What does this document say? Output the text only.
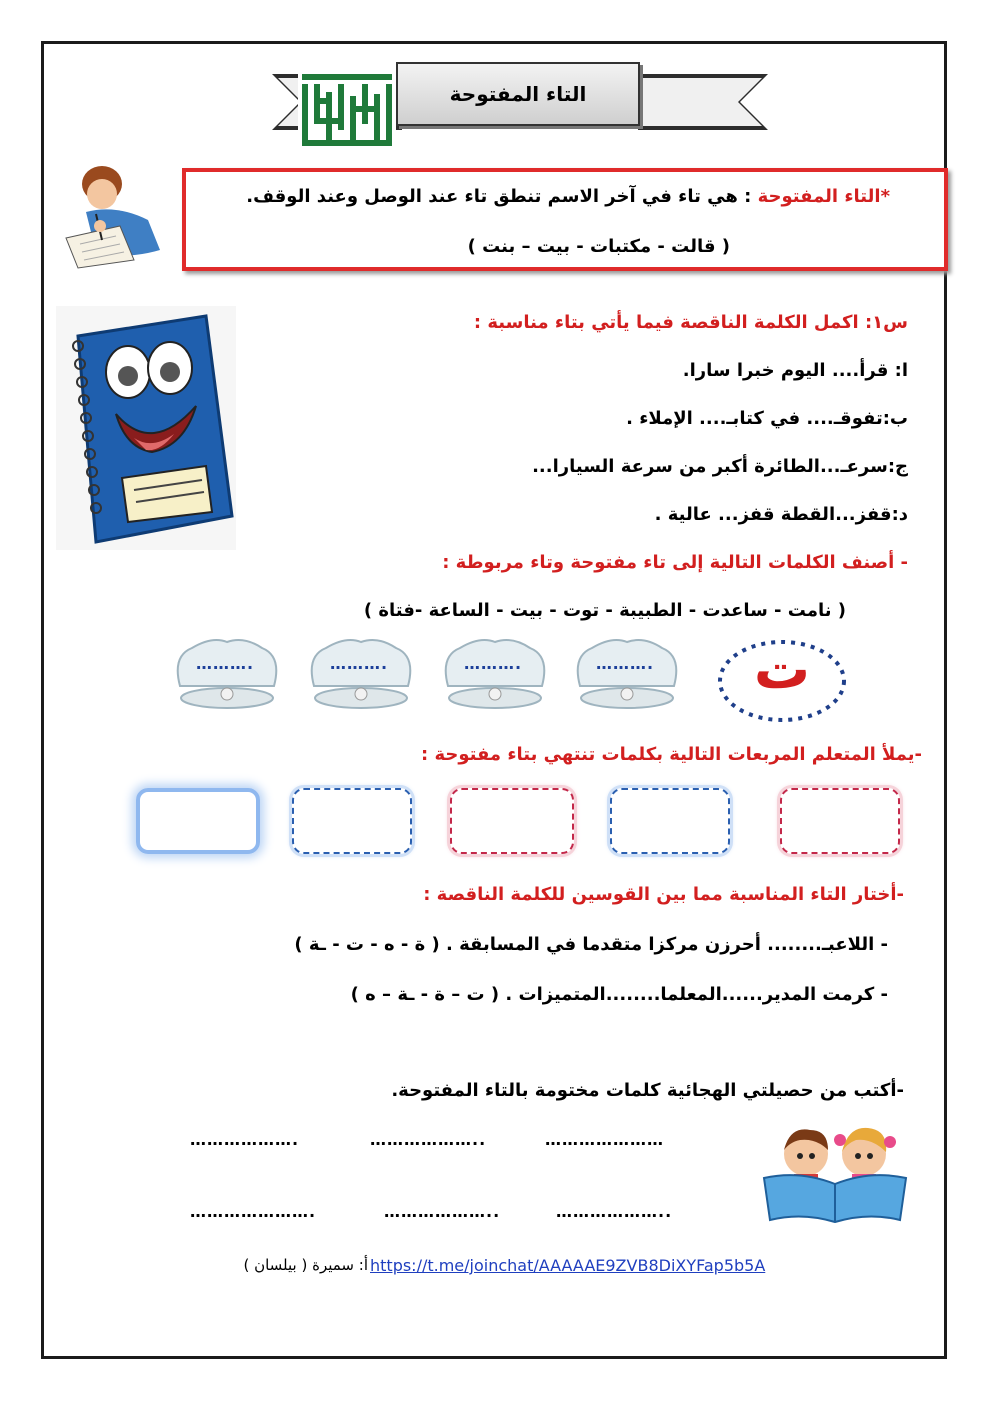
التاء المفتوحة
*التاء المفتوحة : هي تاء في آخر الاسم تنطق تاء عند الوصل وعند الوقف.
( قالت - مكتبات - بيت – بنت )
س١: اكمل الكلمة الناقصة فيما يأتي بتاء مناسبة :
ا: قرأ.... اليوم خبرا سارا.
ب:تفوقـ.... في كتابـ.... الإملاء .
ج:سرعـ...الطائرة أكبر من سرعة السيارا...
د:قفز...القطة قفز... عالية .
- أصنف الكلمات التالية إلى تاء مفتوحة وتاء مربوطة :
( نامت - ساعدت - الطبيبة - توت - بيت - الساعة -فتاة )
……….	……….	……….	……….	ت
-يملأ المتعلم المربعات التالية بكلمات تنتهي بتاء مفتوحة :
-أختار التاء المناسبة مما بين القوسين للكلمة الناقصة :
- اللاعبـ........ أحرزن مركزا متقدما في المسابقة . ( ة - ه - ت - ـة )
- كرمت المدير......المعلما........المتميزات . ( ت – ة - ـة – ه )
-أكتب من حصيلتي الهجائية كلمات مختومة بالتاء المفتوحة.
……………….	………………..	…………………
………………….	………………..	………………..
https://t.me/joinchat/AAAAAE9ZVB8DiXYFap5b5A
أ: سميرة ( بيلسان )
